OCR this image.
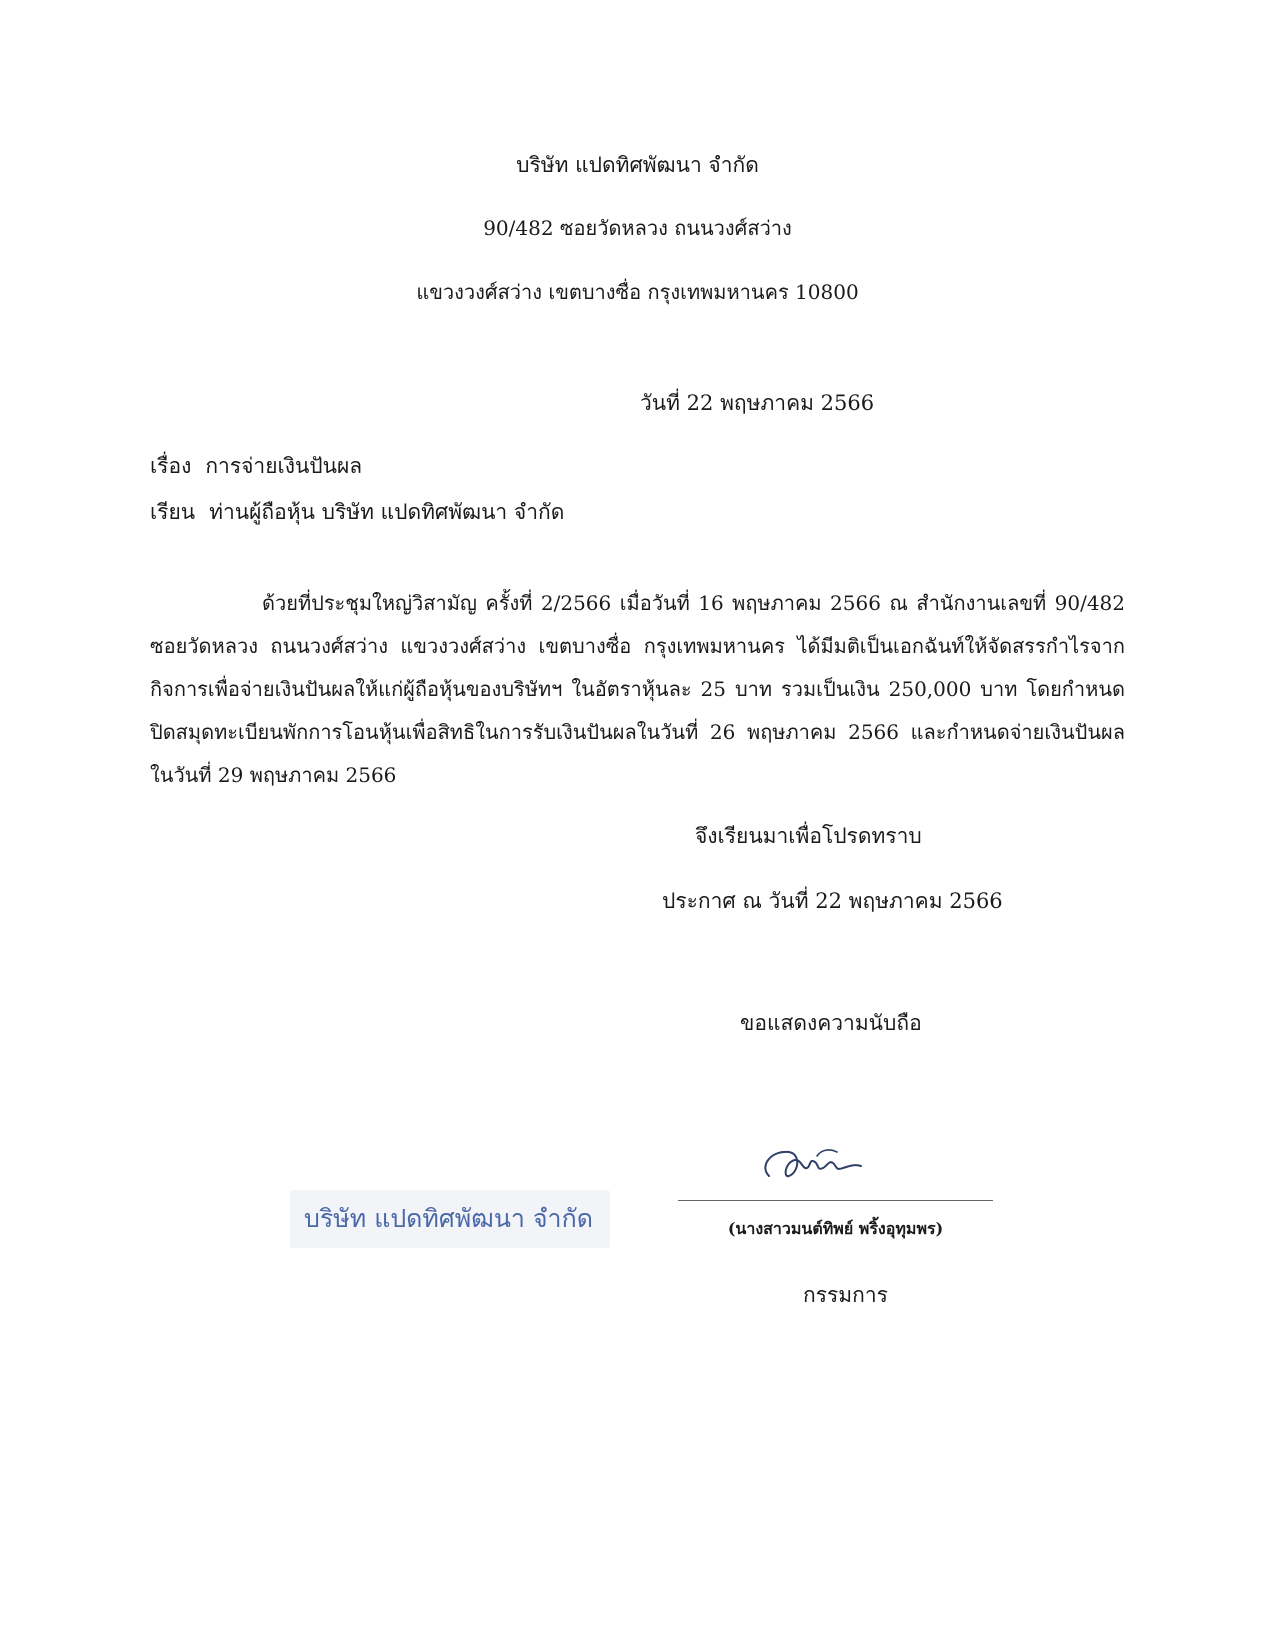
บริษัท แปดทิศพัฒนา จำกัด
90/482 ซอยวัดหลวง ถนนวงศ์สว่าง
แขวงวงศ์สว่าง เขตบางซื่อ กรุงเทพมหานคร 10800
วันที่ 22 พฤษภาคม 2566
เรื่อง การจ่ายเงินปันผล
เรียน ท่านผู้ถือหุ้น บริษัท แปดทิศพัฒนา จำกัด
ด้วยที่ประชุมใหญ่วิสามัญ ครั้งที่ 2/2566 เมื่อวันที่ 16 พฤษภาคม 2566 ณ สำนักงานเลขที่ 90/482 ซอยวัดหลวง ถนนวงศ์สว่าง แขวงวงศ์สว่าง เขตบางซื่อ กรุงเทพมหานคร ได้มีมติเป็นเอกฉันท์ให้จัดสรรกำไรจากกิจการเพื่อจ่ายเงินปันผลให้แก่ผู้ถือหุ้นของบริษัทฯ ในอัตราหุ้นละ 25 บาท รวมเป็นเงิน 250,000 บาท โดยกำหนดปิดสมุดทะเบียนพักการโอนหุ้นเพื่อสิทธิในการรับเงินปันผลในวันที่ 26 พฤษภาคม 2566 และกำหนดจ่ายเงินปันผลในวันที่ 29 พฤษภาคม 2566
จึงเรียนมาเพื่อโปรดทราบ
ประกาศ ณ วันที่ 22 พฤษภาคม 2566
ขอแสดงความนับถือ
บริษัท แปดทิศพัฒนา จำกัด	(นางสาวมนต์ทิพย์ พริ้งอุทุมพร)
กรรมการ
